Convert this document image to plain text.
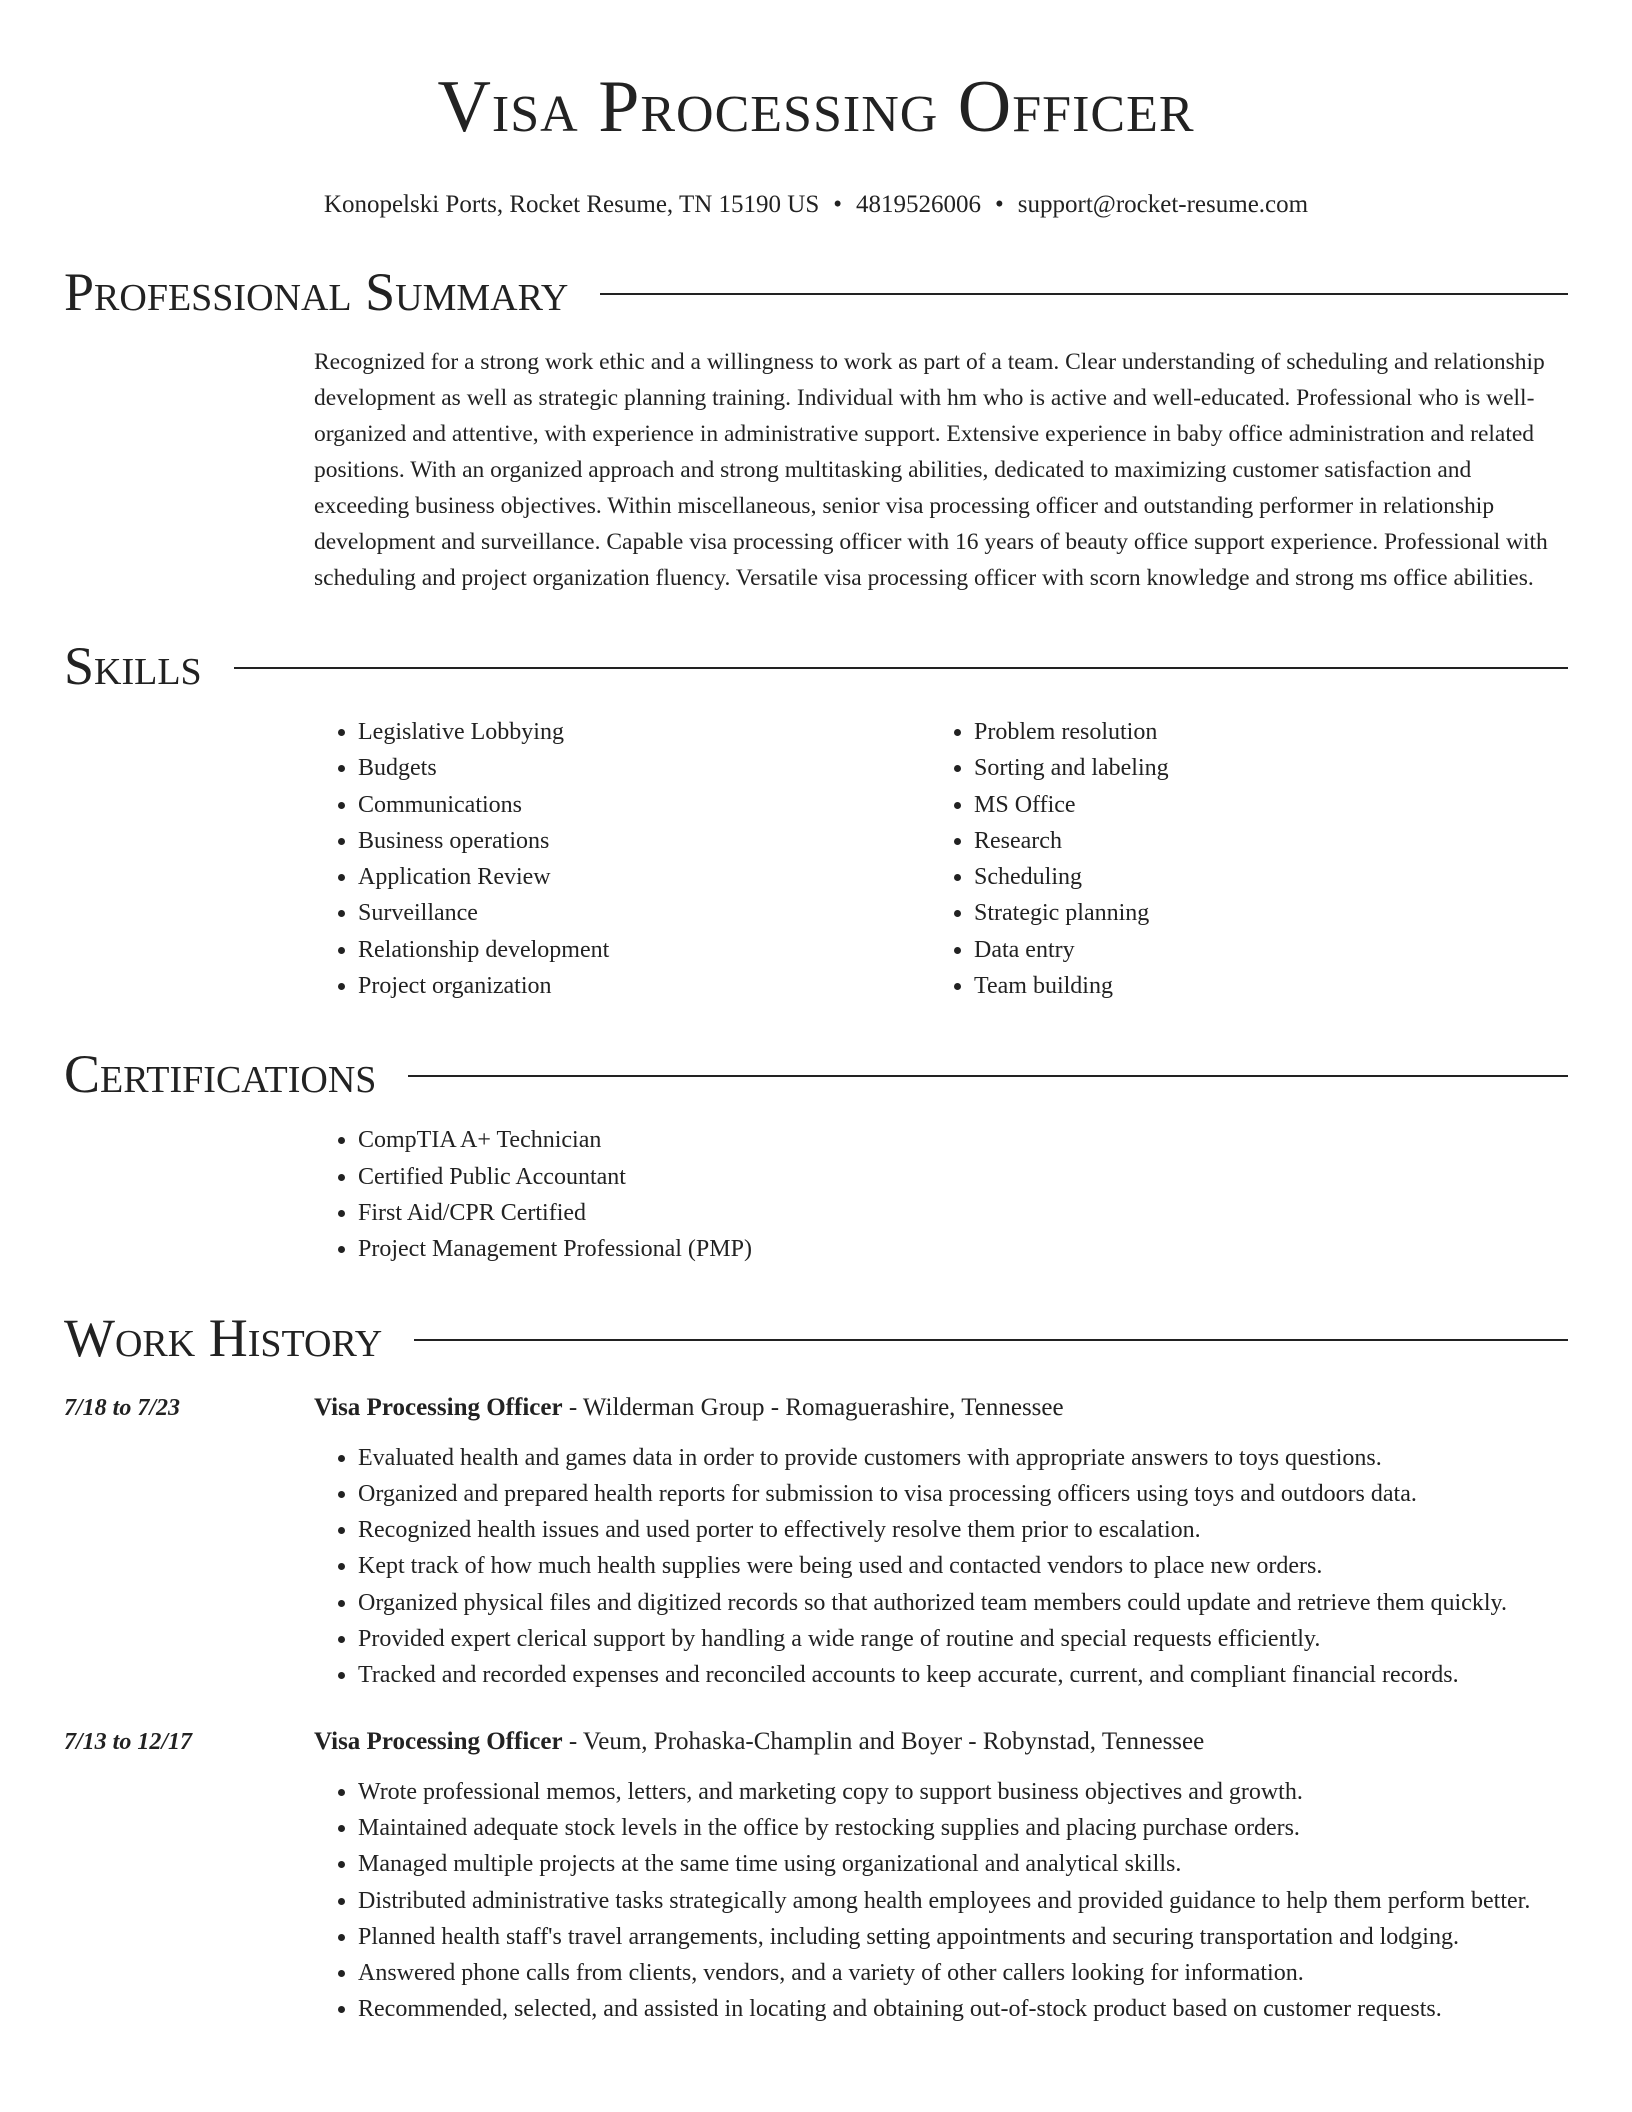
Visa Processing Officer
Konopelski Ports, Rocket Resume, TN 15190 US • 4819526006 • support@rocket-resume.com
Professional Summary

Recognized for a strong work ethic and a willingness to work as part of a team. Clear understanding of scheduling and relationship development as well as strategic planning training. Individual with hm who is active and well-educated. Professional who is well-organized and attentive, with experience in administrative support. Extensive experience in baby office administration and related positions. With an organized approach and strong multitasking abilities, dedicated to maximizing customer satisfaction and exceeding business objectives. Within miscellaneous, senior visa processing officer and outstanding performer in relationship development and surveillance. Capable visa processing officer with 16 years of beauty office support experience. Professional with scheduling and project organization fluency. Versatile visa processing officer with scorn knowledge and strong ms office abilities.

Skills
• Legislative Lobbying
• Budgets
• Communications
• Business operations
• Application Review
• Surveillance
• Relationship development
• Project organization
• Problem resolution
• Sorting and labeling
• MS Office
• Research
• Scheduling
• Strategic planning
• Data entry
• Team building
Certifications
• CompTIA A+ Technician
• Certified Public Accountant
• First Aid/CPR Certified
• Project Management Professional (PMP)
Work History
7/18 to 7/23	Visa Processing Officer - Wilderman Group - Romaguerashire, Tennessee
• Evaluated health and games data in order to provide customers with appropriate answers to toys questions.
• Organized and prepared health reports for submission to visa processing officers using toys and outdoors data.
• Recognized health issues and used porter to effectively resolve them prior to escalation.
• Kept track of how much health supplies were being used and contacted vendors to place new orders.
• Organized physical files and digitized records so that authorized team members could update and retrieve them quickly.
• Provided expert clerical support by handling a wide range of routine and special requests efficiently.
• Tracked and recorded expenses and reconciled accounts to keep accurate, current, and compliant financial records.
7/13 to 12/17	Visa Processing Officer - Veum, Prohaska-Champlin and Boyer - Robynstad, Tennessee
• Wrote professional memos, letters, and marketing copy to support business objectives and growth.
• Maintained adequate stock levels in the office by restocking supplies and placing purchase orders.
• Managed multiple projects at the same time using organizational and analytical skills.
• Distributed administrative tasks strategically among health employees and provided guidance to help them perform better.
• Planned health staff's travel arrangements, including setting appointments and securing transportation and lodging.
• Answered phone calls from clients, vendors, and a variety of other callers looking for information.
• Recommended, selected, and assisted in locating and obtaining out-of-stock product based on customer requests.
